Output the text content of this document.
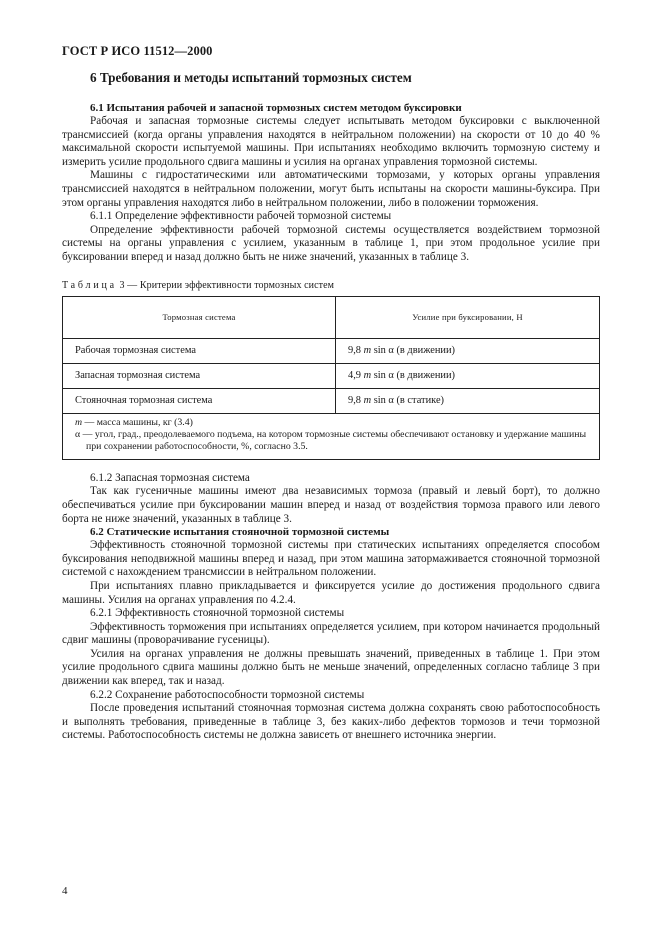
ГОСТ Р ИСО 11512—2000
6 Требования и методы испытаний тормозных систем
6.1 Испытания рабочей и запасной тормозных систем методом буксировки

Рабочая и запасная тормозные системы следует испытывать методом буксировки с выключенной трансмиссией (когда органы управления находятся в нейтральном положении) на скорости от 10 до 40 % максимальной скорости испытуемой машины. При испытаниях необходимо включить тормозную систему и измерить усилие продольного сдвига машины и усилия на органах управления тормозной системы.

Машины с гидростатическими или автоматическими тормозами, у которых органы управления трансмиссией находятся в нейтральном положении, могут быть испытаны на скорости машины-буксира. При этом органы управления находятся либо в нейтральном положении, либо в положении торможения.

6.1.1 Определение эффективности рабочей тормозной системы

Определение эффективности рабочей тормозной системы осуществляется воздействием тормозной системы на органы управления с усилием, указанным в таблице 1, при этом продольное усилие при буксировании вперед и назад должно быть не ниже значений, указанных в таблице 3.

Таблица 3 — Критерии эффективности тормозных систем
Тормозная система	Усилие при буксировании, Н
Рабочая тормозная система	9,8 m sin α (в движении)
Запасная тормозная система	4,9 m sin α (в движении)
Стояночная тормозная система	9,8 m sin α (в статике)

m — масса машины, кг (3.4)
α — угол, град., преодолеваемого подъема, на котором тормозные системы обеспечивают остановку и удержание машины при сохранении работоспособности, %, согласно 3.5.	
6.1.2 Запасная тормозная система

Так как гусеничные машины имеют два независимых тормоза (правый и левый борт), то должно обеспечиваться усилие при буксировании машин вперед и назад от воздействия тормоза правого или левого борта не ниже значений, указанных в таблице 3.

6.2 Статические испытания стояночной тормозной системы

Эффективность стояночной тормозной системы при статических испытаниях определяется способом буксирования неподвижной машины вперед и назад, при этом машина затормаживается стояночной тормозной системой с нахождением трансмиссии в нейтральном положении.

При испытаниях плавно прикладывается и фиксируется усилие до достижения продольного сдвига машины. Усилия на органах управления по 4.2.4.

6.2.1 Эффективность стояночной тормозной системы

Эффективность торможения при испытаниях определяется усилием, при котором начинается продольный сдвиг машины (проворачивание гусеницы).

Усилия на органах управления не должны превышать значений, приведенных в таблице 1. При этом усилие продольного сдвига машины должно быть не меньше значений, определенных согласно таблице 3 при движении как вперед, так и назад.

6.2.2 Сохранение работоспособности тормозной системы

После проведения испытаний стояночная тормозная система должна сохранять свою работоспособность и выполнять требования, приведенные в таблице 3, без каких-либо дефектов тормозов и течи тормозной системы. Работоспособность системы не должна зависеть от внешнего источника энергии.

4
